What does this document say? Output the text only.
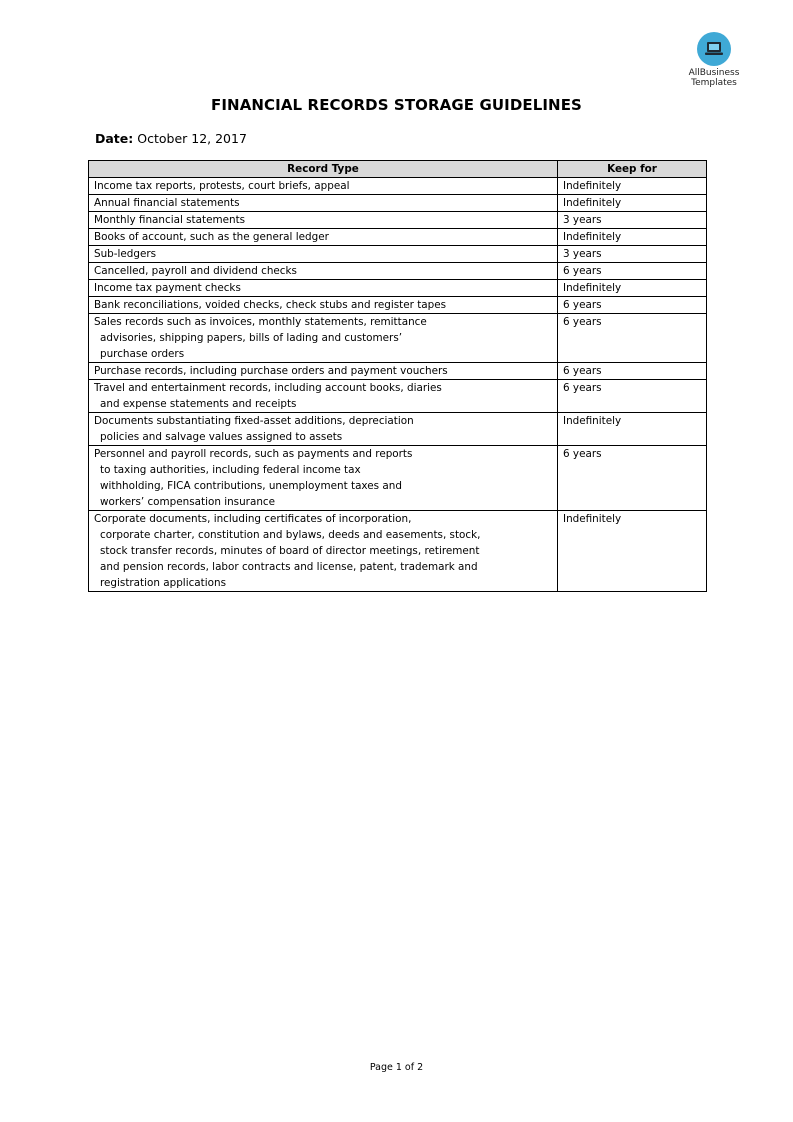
AllBusiness
Templates
FINANCIAL RECORDS STORAGE GUIDELINES
Date: October 12, 2017
Record Type	Keep for

Income tax reports, protests, court briefs, appeal	Indefinitely

Annual financial statements	Indefinitely

Monthly financial statements	3 years

Books of account, such as the general ledger	Indefinitely

Sub-ledgers	3 years

Cancelled, payroll and dividend checks	6 years

Income tax payment checks	Indefinitely

Bank reconciliations, voided checks, check stubs and register tapes	6 years

Sales records such as invoices, monthly statements, remittance
advisories, shipping papers, bills of lading and customers’
purchase orders	6 years

Purchase records, including purchase orders and payment vouchers	6 years

Travel and entertainment records, including account books, diaries
and expense statements and receipts	6 years

Documents substantiating fixed-asset additions, depreciation
policies and salvage values assigned to assets	Indefinitely

Personnel and payroll records, such as payments and reports
to taxing authorities, including federal income tax
withholding, FICA contributions, unemployment taxes and
workers’ compensation insurance	6 years

Corporate documents, including certificates of incorporation,
corporate charter, constitution and bylaws, deeds and easements, stock,
stock transfer records, minutes of board of director meetings, retirement
and pension records, labor contracts and license, patent, trademark and
registration applications	Indefinitely
Page 1 of 2
